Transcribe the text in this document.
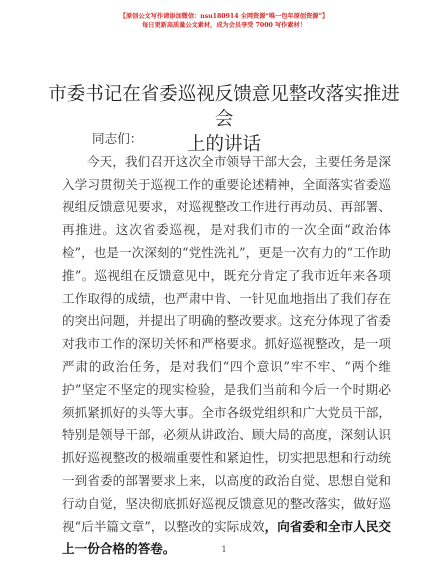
【原创公文写作请添加微信：nsu180914 全网资源“唯一包年原创资源”】
每日更新高质量公文素材，成为会员享受 7000 写作素材！
市委书记在省委巡视反馈意见整改落实推进会
上的讲话

同志们：

今天，我们召开这次全市领导干部大会，主要任务是深入学习贯彻关于巡视工作的重要论述精神，全面落实省委巡视组反馈意见要求，对巡视整改工作进行再动员、再部署、再推进。这次省委巡视，是对我们市的一次全面“政治体检”，也是一次深刻的“党性洗礼”，更是一次有力的“工作助推”。巡视组在反馈意见中，既充分肯定了我市近年来各项工作取得的成绩，也严肃中肯、一针见血地指出了我们存在的突出问题，并提出了明确的整改要求。这充分体现了省委对我市工作的深切关怀和严格要求。抓好巡视整改，是一项严肃的政治任务，是对我们“四个意识”牢不牢、“两个维护”坚定不坚定的现实检验，是我们当前和今后一个时期必须抓紧抓好的头等大事。全市各级党组织和广大党员干部，特别是领导干部，必须从讲政治、顾大局的高度，深刻认识抓好巡视整改的极端重要性和紧迫性，切实把思想和行动统一到省委的部署要求上来，以高度的政治自觉、思想自觉和行动自觉，坚决彻底抓好巡视反馈意见的整改落实，做好巡视“后半篇文章”，以整改的实际成效，向省委和全市人民交上一份合格的答卷。	1
